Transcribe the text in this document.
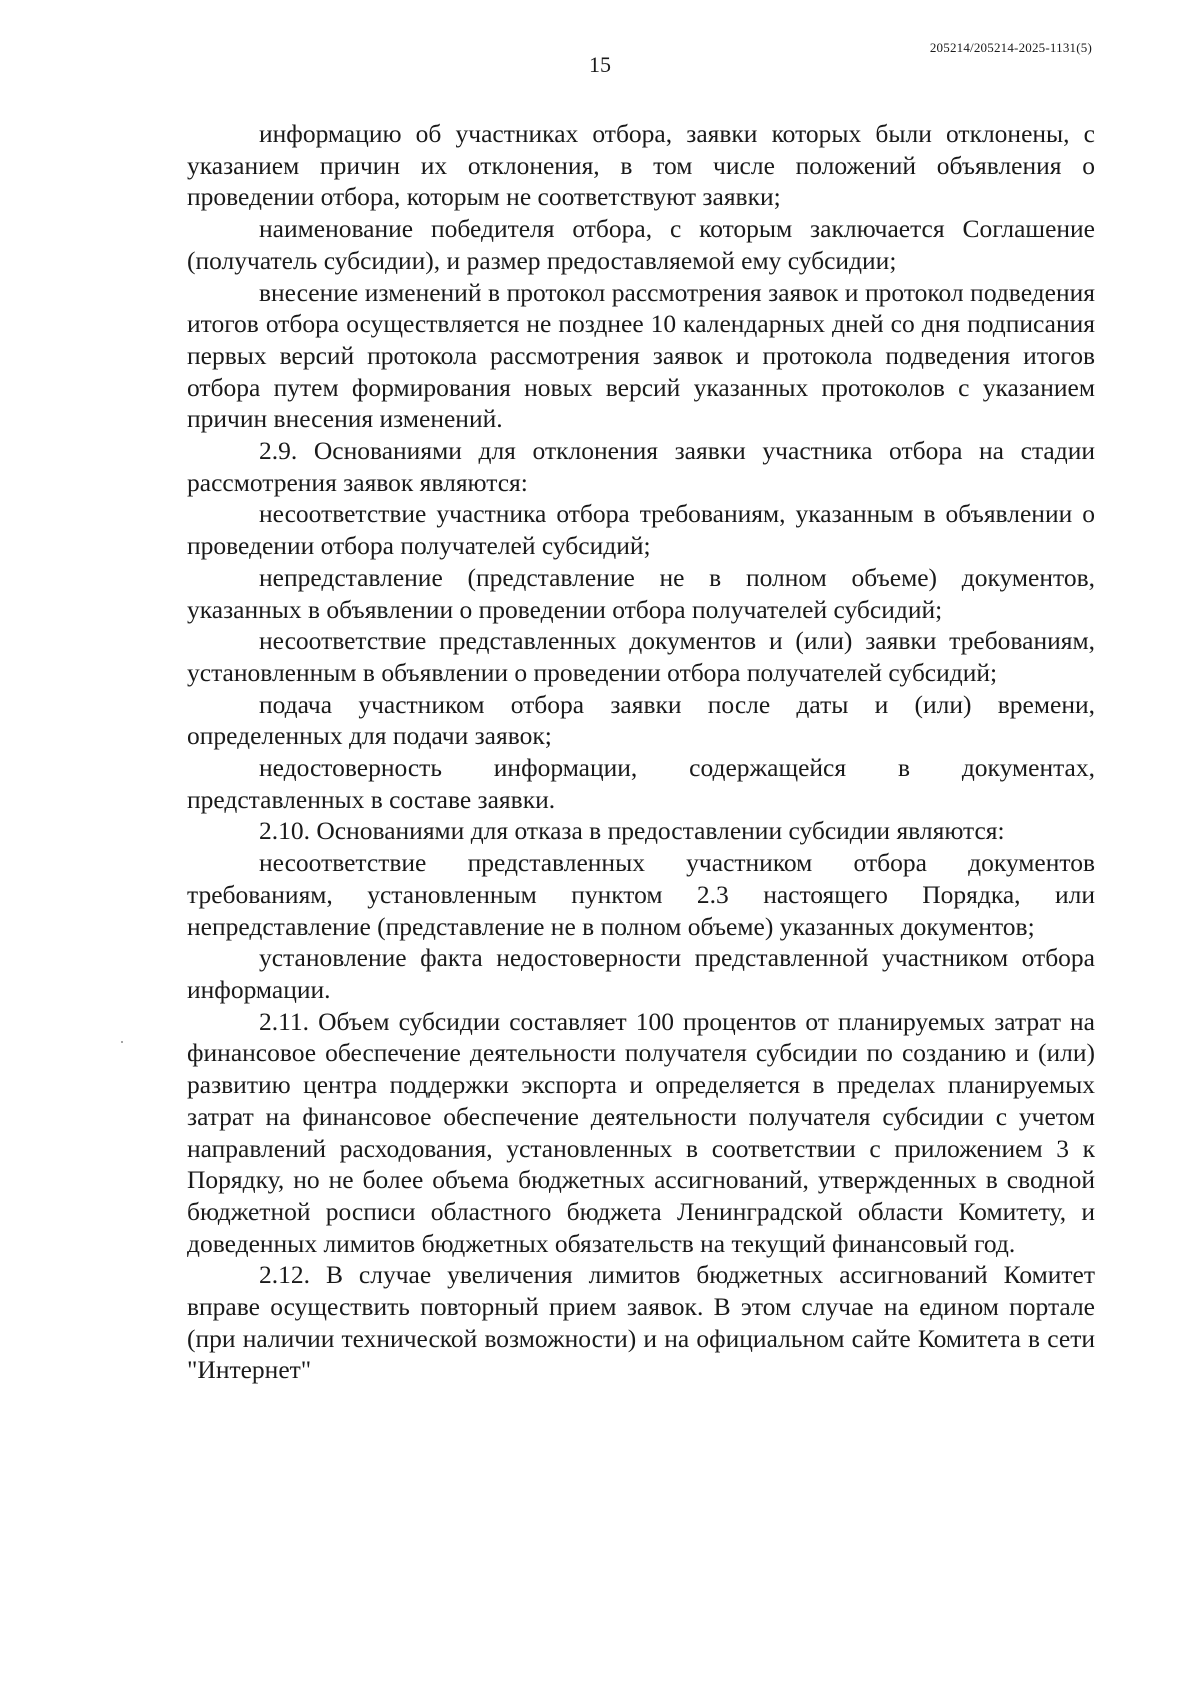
15
205214/205214-2025-1131(5)

информацию об участниках отбора, заявки которых были отклонены, с указанием причин их отклонения, в том числе положений объявления о проведении отбора, которым не соответствуют заявки;

наименование победителя отбора, с которым заключается Соглашение (получатель субсидии), и размер предоставляемой ему субсидии;

внесение изменений в протокол рассмотрения заявок и протокол подведения итогов отбора осуществляется не позднее 10 календарных дней со дня подписания первых версий протокола рассмотрения заявок и протокола подведения итогов отбора путем формирования новых версий указанных протоколов с указанием причин внесения изменений.

2.9. Основаниями для отклонения заявки участника отбора на стадии рассмотрения заявок являются:

несоответствие участника отбора требованиям, указанным в объявлении о проведении отбора получателей субсидий;

непредставление (представление не в полном объеме) документов, указанных в объявлении о проведении отбора получателей субсидий;

несоответствие представленных документов и (или) заявки требованиям, установленным в объявлении о проведении отбора получателей субсидий;

подача участником отбора заявки после даты и (или) времени, определенных для подачи заявок;

недостоверность информации, содержащейся в документах, представленных в составе заявки.

2.10. Основаниями для отказа в предоставлении субсидии являются:

несоответствие представленных участником отбора документов требованиям, установленным пунктом 2.3 настоящего Порядка, или непредставление (представление не в полном объеме) указанных документов;

установление факта недостоверности представленной участником отбора информации.

2.11. Объем субсидии составляет 100 процентов от планируемых затрат на финансовое обеспечение деятельности получателя субсидии по созданию и (или) развитию центра поддержки экспорта и определяется в пределах планируемых затрат на финансовое обеспечение деятельности получателя субсидии с учетом направлений расходования, установленных в соответствии с приложением 3 к Порядку, но не более объема бюджетных ассигнований, утвержденных в сводной бюджетной росписи областного бюджета Ленинградской области Комитету, и доведенных лимитов бюджетных обязательств на текущий финансовый год.

2.12. В случае увеличения лимитов бюджетных ассигнований Комитет вправе осуществить повторный прием заявок. В этом случае на едином портале (при наличии технической возможности) и на официальном сайте Комитета в сети "Интернет"
